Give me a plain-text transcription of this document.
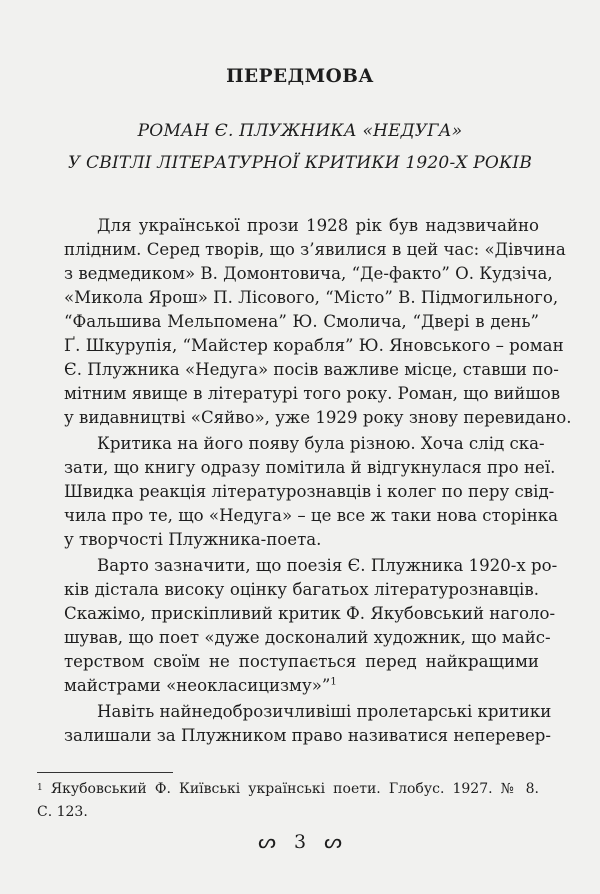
ПЕРЕДМОВА
РОМАН Є. ПЛУЖНИКА «НЕДУГА»
У СВІТЛІ ЛІТЕРАТУРНОЇ КРИТИКИ 1920-Х РОКІВ
Для української прози 1928 рік був надзвичайно
плідним. Серед творів, що з’явилися в цей час: «Дівчина
з ведмедиком» В. Домонтовича, “Де-факто” О. Кудзіча,
«Микола Ярош» П. Лісового, “Місто” В. Підмогильного,
“Фальшива Мельпомена” Ю. Смолича, “Двері в день”
Ґ. Шкурупія, “Майстер корабля” Ю. Яновського – роман
Є. Плужника «Недуга» посів важливе місце, ставши по-
мітним явище в літературі того року. Роман, що вийшов
у видавництві «Сяйво», уже 1929 року знову перевидано.
Критика на його появу була різною. Хоча слід ска-
зати, що книгу одразу помітила й відгукнулася про неї.
Швидка реакція літературознавців і колег по перу свід-
чила про те, що «Недуга» – це все ж таки нова сторінка
у творчості Плужника-поета.
Варто зазначити, що поезія Є. Плужника 1920-х ро-
ків дістала високу оцінку багатьох літературознавців.
Скажімо, прискіпливий критик Ф. Якубовський наголо-
шував, що поет «дуже досконалий художник, що майс-
терством своїм не поступається перед найкращими
майстрами «неокласицизму»”$^1$
Навіть найнедоброзичливіші пролетарські критики
залишали за Плужником право називатися неперевер-
$^1$ Якубовський Ф. Київські українські поети. Глобус. 1927. № 8.
С. 123.
ᔕ 3 ᔕ
